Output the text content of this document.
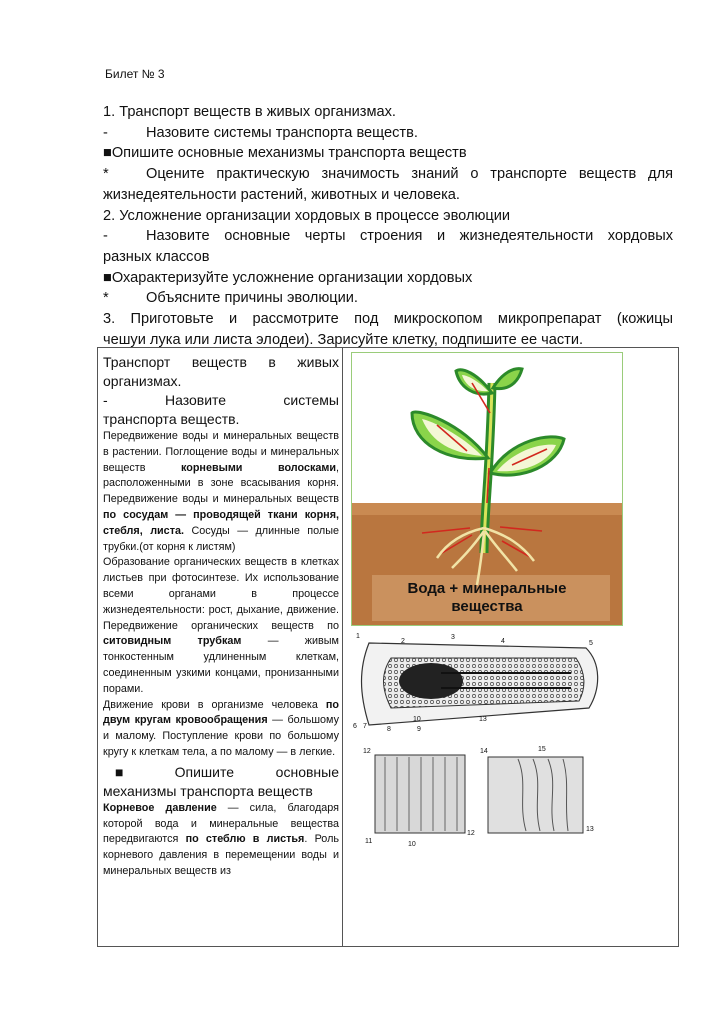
Билет № 3
1. Транспорт веществ в живых организмах.
-	Назовите системы транспорта веществ.
■Опишите основные механизмы транспорта веществ
*	Оцените практическую значимость знаний о транспорте веществ для
жизнедеятельности растений, животных и человека.
2. Усложнение организации хордовых в процессе эволюции
-	Назовите основные черты строения и жизнедеятельности хордовых
разных классов
■Охарактеризуйте усложнение организации хордовых
*	Объясните причины эволюции.
3. Приготовьте и рассмотрите под микроскопом микропрепарат (кожицы
чешуи лука или листа элодеи). Зарисуйте клетку, подпишите ее части.
Транспорт веществ в живых
организмах.
-	Назовите	системы
транспорта веществ.
Передвижение воды и минеральных веществ в растении. Поглощение воды и минеральных веществ корневыми волосками, расположенными в зоне всасывания корня. Передвижение воды и минеральных веществ по сосудам — проводящей ткани корня, стебля, листа. Сосуды — длинные полые трубки.(от корня к листям)
Образование органических веществ в клетках листьев при фотосинтезе. Их использование всеми органами в процессе жизнедеятельности: рост, дыхание, движение. Передвижение органических веществ по ситовидным трубкам — живым тонкостенным удлиненным клеткам, соединенным узкими концами, пронизанными порами.
Движение крови в организме человека по двум кругам кровообращения — большому и малому. Поступление крови по большому кругу к клеткам тела, а по малому — в легкие.
■	Опишите	основные
механизмы транспорта веществ
Корневое давление — сила, благодаря которой вода и минеральные вещества передвигаются по стеблю в листья. Роль корневого давления в перемещении воды и минеральных веществ из
Вода + минеральные
вещества
1
2
3
4	5
6 7	8	9
10	13
12
11	10
12
14	15
13
